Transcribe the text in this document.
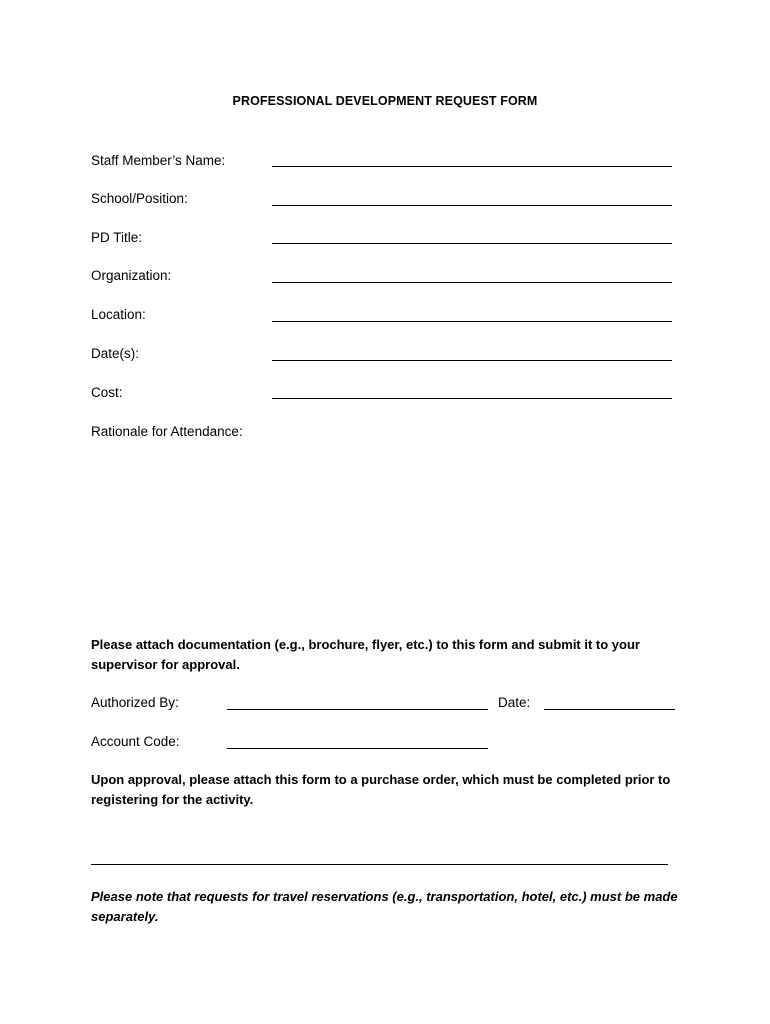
PROFESSIONAL DEVELOPMENT REQUEST FORM
Staff Member’s Name:
School/Position:
PD Title:
Organization:
Location:
Date(s):
Cost:
Rationale for Attendance:
Please attach documentation (e.g., brochure, flyer, etc.) to this form and submit it to your supervisor for approval.
Authorized By:	Date:
Account Code:
Upon approval, please attach this form to a purchase order, which must be completed prior to registering for the activity.
Please note that requests for travel reservations (e.g., transportation, hotel, etc.) must be made separately.
